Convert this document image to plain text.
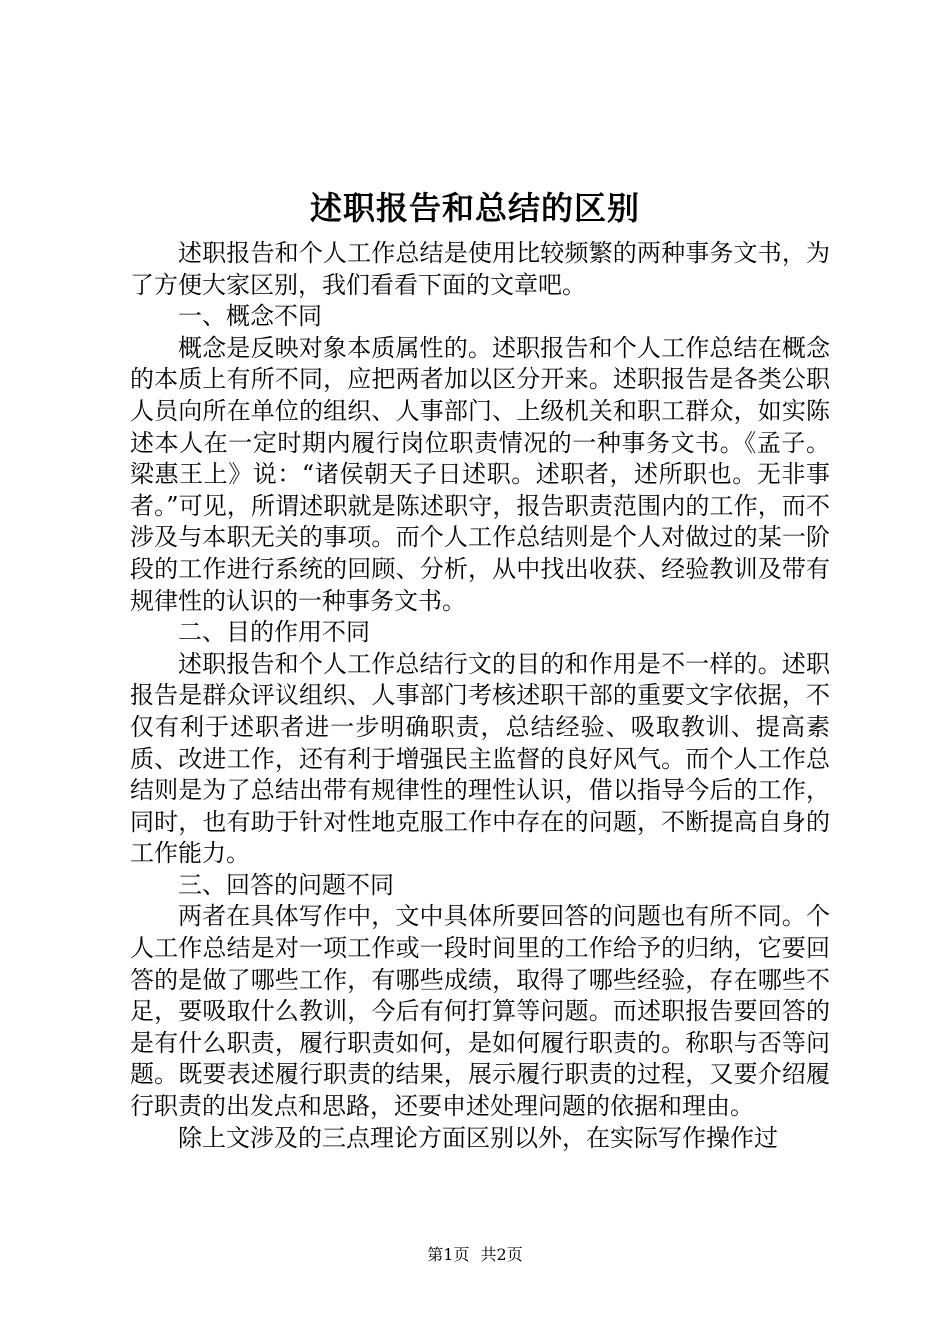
述职报告和总结的区别

述职报告和个人工作总结是使用比较频繁的两种事务文书，为了方便大家区别，我们看看下面的文章吧。

一、概念不同

概念是反映对象本质属性的。述职报告和个人工作总结在概念的本质上有所不同，应把两者加以区分开来。述职报告是各类公职人员向所在单位的组织、人事部门、上级机关和职工群众，如实陈述本人在一定时期内履行岗位职责情况的一种事务文书。《孟子。梁惠王上》说：“诸侯朝天子日述职。述职者，述所职也。无非事者。”可见，所谓述职就是陈述职守，报告职责范围内的工作，而不涉及与本职无关的事项。而个人工作总结则是个人对做过的某一阶段的工作进行系统的回顾、分析，从中找出收获、经验教训及带有规律性的认识的一种事务文书。

二、目的作用不同

述职报告和个人工作总结行文的目的和作用是不一样的。述职报告是群众评议组织、人事部门考核述职干部的重要文字依据，不仅有利于述职者进一步明确职责，总结经验、吸取教训、提高素质、改进工作，还有利于增强民主监督的良好风气。而个人工作总结则是为了总结出带有规律性的理性认识，借以指导今后的工作，同时，也有助于针对性地克服工作中存在的问题，不断提高自身的工作能力。

三、回答的问题不同

两者在具体写作中，文中具体所要回答的问题也有所不同。个人工作总结是对一项工作或一段时间里的工作给予的归纳，它要回答的是做了哪些工作，有哪些成绩，取得了哪些经验，存在哪些不足，要吸取什么教训，今后有何打算等问题。而述职报告要回答的是有什么职责，履行职责如何，是如何履行职责的。称职与否等问题。既要表述履行职责的结果，展示履行职责的过程，又要介绍履行职责的出发点和思路，还要申述处理问题的依据和理由。

除上文涉及的三点理论方面区别以外，在实际写作操作过

第1页 共2页
